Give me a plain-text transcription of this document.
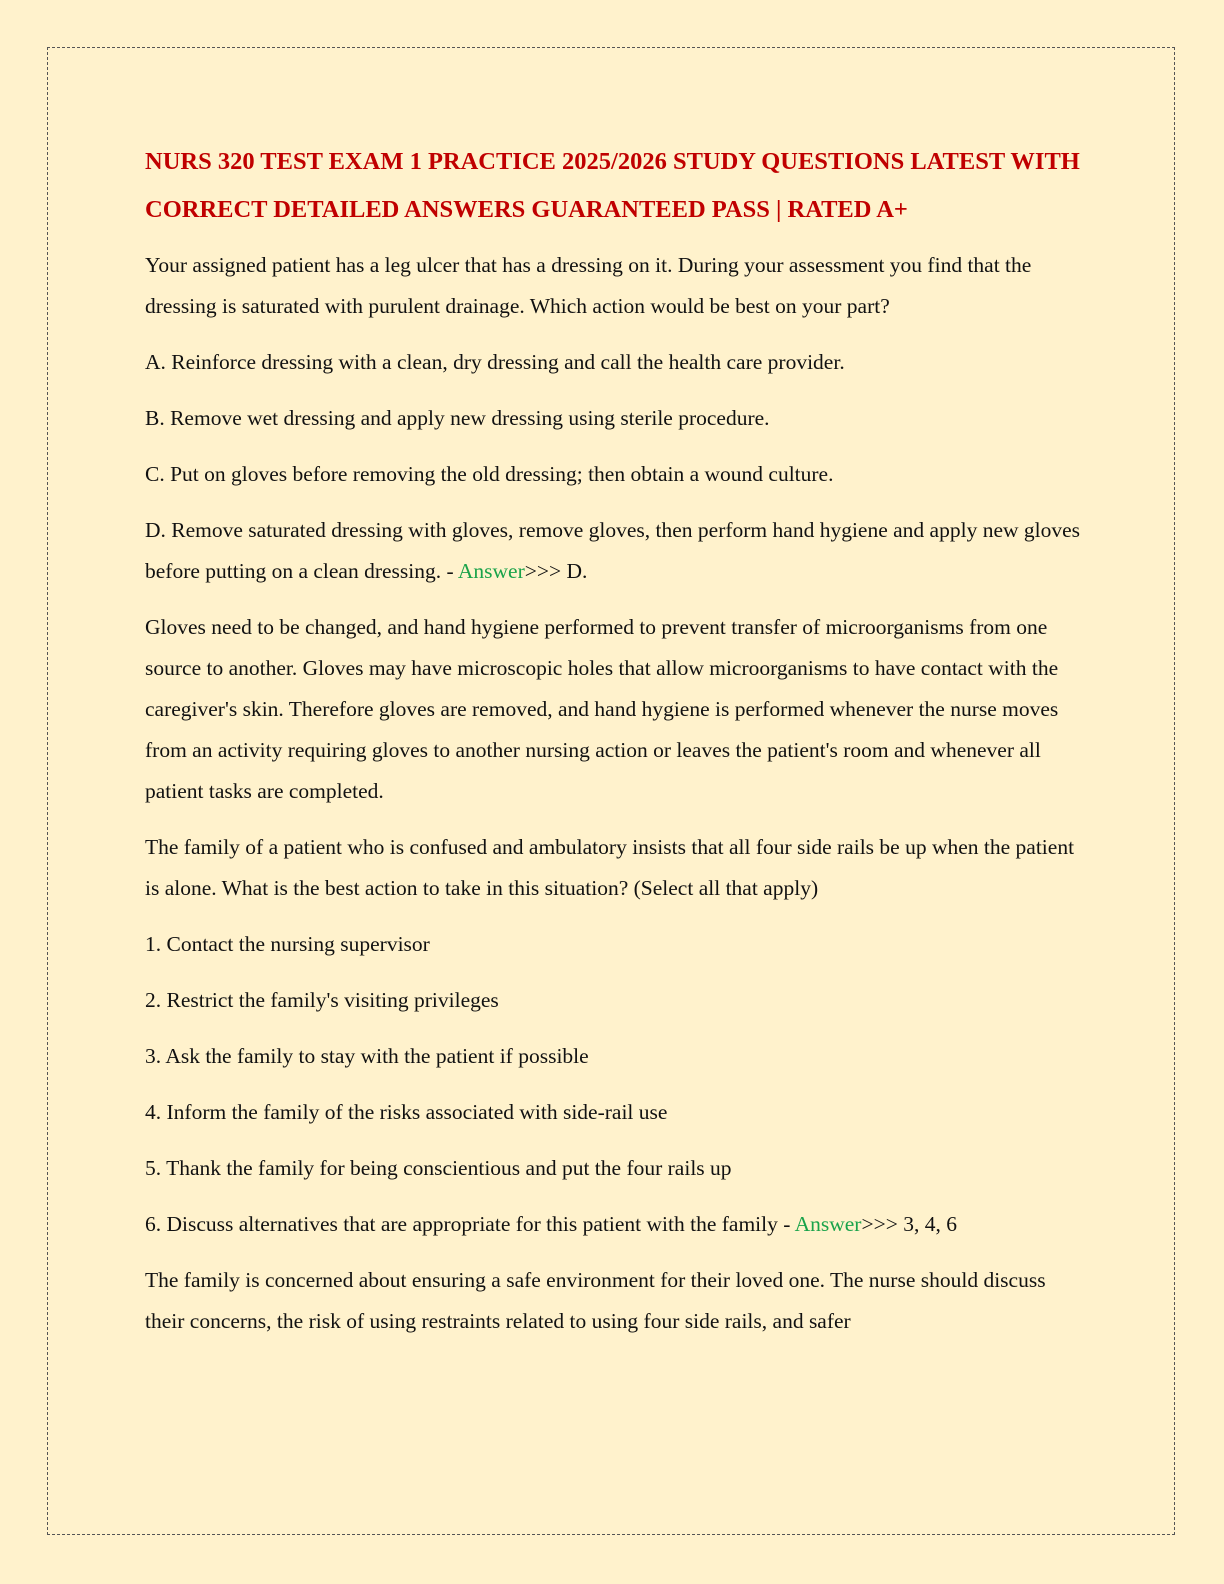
NURS 320 TEST EXAM 1 PRACTICE 2025/2026 STUDY QUESTIONS LATEST WITH CORRECT DETAILED ANSWERS GUARANTEED PASS | RATED A+
Your assigned patient has a leg ulcer that has a dressing on it. During your assessment you find that the dressing is saturated with purulent drainage. Which action would be best on your part?
A. Reinforce dressing with a clean, dry dressing and call the health care provider.
B. Remove wet dressing and apply new dressing using sterile procedure.
C. Put on gloves before removing the old dressing; then obtain a wound culture.
D. Remove saturated dressing with gloves, remove gloves, then perform hand hygiene and apply new gloves before putting on a clean dressing. - Answer>>> D.
Gloves need to be changed, and hand hygiene performed to prevent transfer of microorganisms from one source to another. Gloves may have microscopic holes that allow microorganisms to have contact with the caregiver's skin. Therefore gloves are removed, and hand hygiene is performed whenever the nurse moves from an activity requiring gloves to another nursing action or leaves the patient's room and whenever all patient tasks are completed.
The family of a patient who is confused and ambulatory insists that all four side rails be up when the patient is alone. What is the best action to take in this situation? (Select all that apply)
1. Contact the nursing supervisor
2. Restrict the family's visiting privileges
3. Ask the family to stay with the patient if possible
4. Inform the family of the risks associated with side-rail use
5. Thank the family for being conscientious and put the four rails up
6. Discuss alternatives that are appropriate for this patient with the family - Answer>>> 3, 4, 6
The family is concerned about ensuring a safe environment for their loved one. The nurse should discuss their concerns, the risk of using restraints related to using four side rails, and safer
